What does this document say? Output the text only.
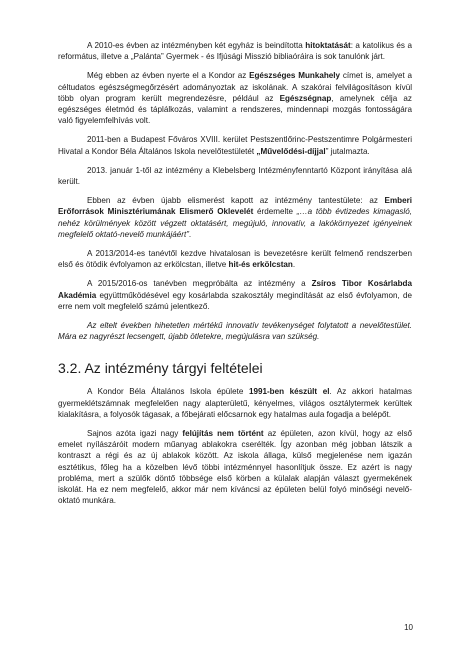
A 2010-es évben az intézményben két egyház is beindította hitoktatását: a katolikus és a református, illetve a „Palánta” Gyermek - és Ifjúsági Misszió bibliaóráira is sok tanulónk járt.

Még ebben az évben nyerte el a Kondor az Egészséges Munkahely címet is, amelyet a céltudatos egészségmegőrzésért adományoztak az iskolának. A szakórai felvilágosításon kívül több olyan program került megrendezésre, például az Egészségnap, amelynek célja az egészséges életmód és táplálkozás, valamint a rendszeres, mindennapi mozgás fontosságára való figyelemfelhívás volt.

2011-ben a Budapest Főváros XVIII. kerület Pestszentlőrinc-Pestszentimre Polgármesteri Hivatal a Kondor Béla Általános Iskola nevelőtestületét „Művelődési-díjjal” jutalmazta.

2013. január 1-től az intézmény a Klebelsberg Intézményfenntartó Központ irányítása alá került.

Ebben az évben újabb elismerést kapott az intézmény tantestülete: az Emberi Erőforrások Minisztériumának Elismerő Oklevelét érdemelte „…a több évtizedes kimagasló, nehéz körülmények között végzett oktatásért, megújuló, innovatív, a lakókörnyezet igényeinek megfelelő oktató-nevelő munkájáért”.

A 2013/2014-es tanévtől kezdve hivatalosan is bevezetésre került felmenő rendszerben első és ötödik évfolyamon az erkölcstan, illetve hit-és erkölcstan.

A 2015/2016-os tanévben megpróbálta az intézmény a Zsíros Tibor Kosárlabda Akadémia együttműködésével egy kosárlabda szakosztály megindítását az első évfolyamon, de erre nem volt megfelelő számú jelentkező.

Az eltelt években hihetetlen mértékű innovatív tevékenységet folytatott a nevelőtestület. Mára ez nagyrészt lecsengett, újabb ötletekre, megújulásra van szükség.

3.2. Az intézmény tárgyi feltételei

A Kondor Béla Általános Iskola épülete 1991-ben készült el. Az akkori hatalmas gyermeklétszámnak megfelelően nagy alapterületű, kényelmes, világos osztálytermek kerültek kialakításra, a folyosók tágasak, a főbejárati előcsarnok egy hatalmas aula fogadja a belépőt.

Sajnos azóta igazi nagy felújítás nem történt az épületen, azon kívül, hogy az első emelet nyílászáróit modern műanyag ablakokra cserélték. Így azonban még jobban látszik a kontraszt a régi és az új ablakok között. Az iskola állaga, külső megjelenése nem igazán esztétikus, főleg ha a közelben lévő többi intézménnyel hasonlítjuk össze. Ez azért is nagy probléma, mert a szülők döntő többsége első körben a külalak alapján választ gyermekének iskolát. Ha ez nem megfelelő, akkor már nem kíváncsi az épületen belül folyó minőségi nevelő-oktató munkára.

10
